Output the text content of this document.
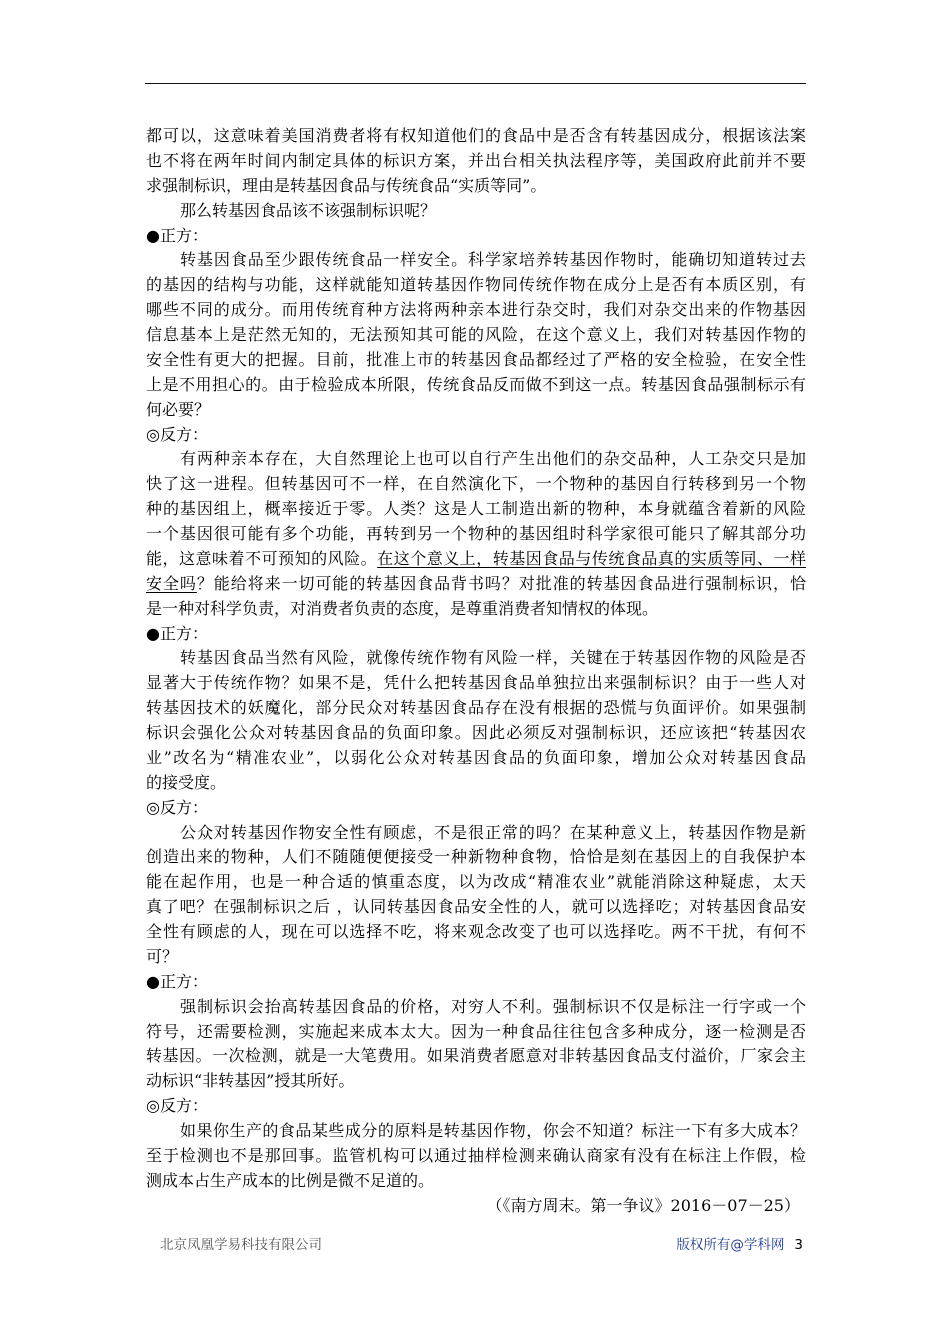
都可以，这意味着美国消费者将有权知道他们的食品中是否含有转基因成分，根据该法案
也不将在两年时间内制定具体的标识方案，并出台相关执法程序等，美国政府此前并不要
求强制标识，理由是转基因食品与传统食品“实质等同”。
那么转基因食品该不该强制标识呢？
●正方：
转基因食品至少跟传统食品一样安全。科学家培养转基因作物时，能确切知道转过去
的基因的结构与功能，这样就能知道转基因作物同传统作物在成分上是否有本质区别，有
哪些不同的成分。而用传统育种方法将两种亲本进行杂交时，我们对杂交出来的作物基因
信息基本上是茫然无知的，无法预知其可能的风险，在这个意义上，我们对转基因作物的
安全性有更大的把握。目前，批准上市的转基因食品都经过了严格的安全检验，在安全性
上是不用担心的。由于检验成本所限，传统食品反而做不到这一点。转基因食品强制标示有
何必要？
◎反方：
有两种亲本存在，大自然理论上也可以自行产生出他们的杂交品种，人工杂交只是加
快了这一进程。但转基因可不一样，在自然演化下，一个物种的基因自行转移到另一个物
种的基因组上，概率接近于零。人类？这是人工制造出新的物种，本身就蕴含着新的风险
一个基因很可能有多个功能，再转到另一个物种的基因组时科学家很可能只了解其部分功
能，这意味着不可预知的风险。在这个意义上，转基因食品与传统食品真的实质等同、一样
安全吗？能给将来一切可能的转基因食品背书吗？对批准的转基因食品进行强制标识，恰
是一种对科学负责，对消费者负责的态度，是尊重消费者知情权的体现。
●正方：
转基因食品当然有风险，就像传统作物有风险一样，关键在于转基因作物的风险是否
显著大于传统作物？如果不是，凭什么把转基因食品单独拉出来强制标识？由于一些人对
转基因技术的妖魔化，部分民众对转基因食品存在没有根据的恐慌与负面评价。如果强制
标识会强化公众对转基因食品的负面印象。因此必须反对强制标识，还应该把“转基因农
业”改名为“精准农业”，以弱化公众对转基因食品的负面印象，增加公众对转基因食品
的接受度。
◎反方：
公众对转基因作物安全性有顾虑，不是很正常的吗？在某种意义上，转基因作物是新
创造出来的物种，人们不随随便便接受一种新物种食物，恰恰是刻在基因上的自我保护本
能在起作用，也是一种合适的慎重态度，以为改成“精准农业”就能消除这种疑虑，太天
真了吧？在强制标识之后 ，认同转基因食品安全性的人，就可以选择吃；对转基因食品安
全性有顾虑的人，现在可以选择不吃，将来观念改变了也可以选择吃。两不干扰，有何不
可？
●正方：
强制标识会抬高转基因食品的价格，对穷人不利。强制标识不仅是标注一行字或一个
符号，还需要检测，实施起来成本太大。因为一种食品往往包含多种成分，逐一检测是否
转基因。一次检测，就是一大笔费用。如果消费者愿意对非转基因食品支付溢价，厂家会主
动标识“非转基因”授其所好。
◎反方：
如果你生产的食品某些成分的原料是转基因作物，你会不知道？标注一下有多大成本？
至于检测也不是那回事。监管机构可以通过抽样检测来确认商家有没有在标注上作假，检
测成本占生产成本的比例是微不足道的。
（《南方周末。第一争议》2016－07－25）
北京凤凰学易科技有限公司	版权所有@学科网 3
